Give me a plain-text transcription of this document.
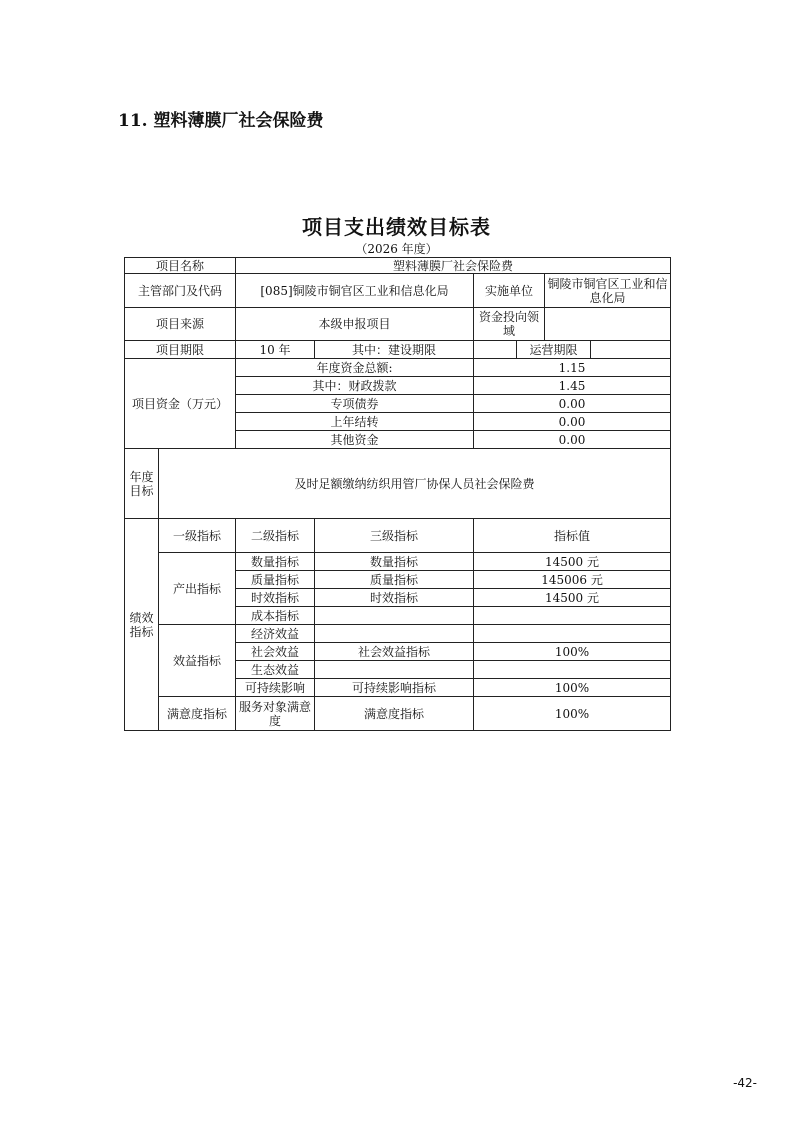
11. 塑料薄膜厂社会保险费
项目支出绩效目标表
（2026 年度）
项目名称		塑料薄膜厂社会保险费					
主管部门及代码		[085]铜陵市铜官区工业和信息化局		实施单位		铜陵市铜官区工业和信息化局	
项目来源		本级申报项目		资金投向领域			
项目期限		10 年	其中：建设期限		运营期限		
项目资金（万元）		年度资金总额:		1.15			
		其中：财政拨款		1.45			
		专项债券		0.00			
		上年结转		0.00			
		其他资金		0.00			
年度目标	及时足额缴纳纺织用管厂协保人员社会保险费						
绩效指标	一级指标	二级指标	三级指标	指标值			
	产出指标	数量指标	数量指标	14500 元			
		质量指标	质量指标	145006 元			
		时效指标	时效指标	14500 元			
		成本指标					
	效益指标	经济效益					
		社会效益	社会效益指标	100%			
		生态效益					
		可持续影响	可持续影响指标	100%			
	满意度指标	服务对象满意度	满意度指标	100%			
-42-
